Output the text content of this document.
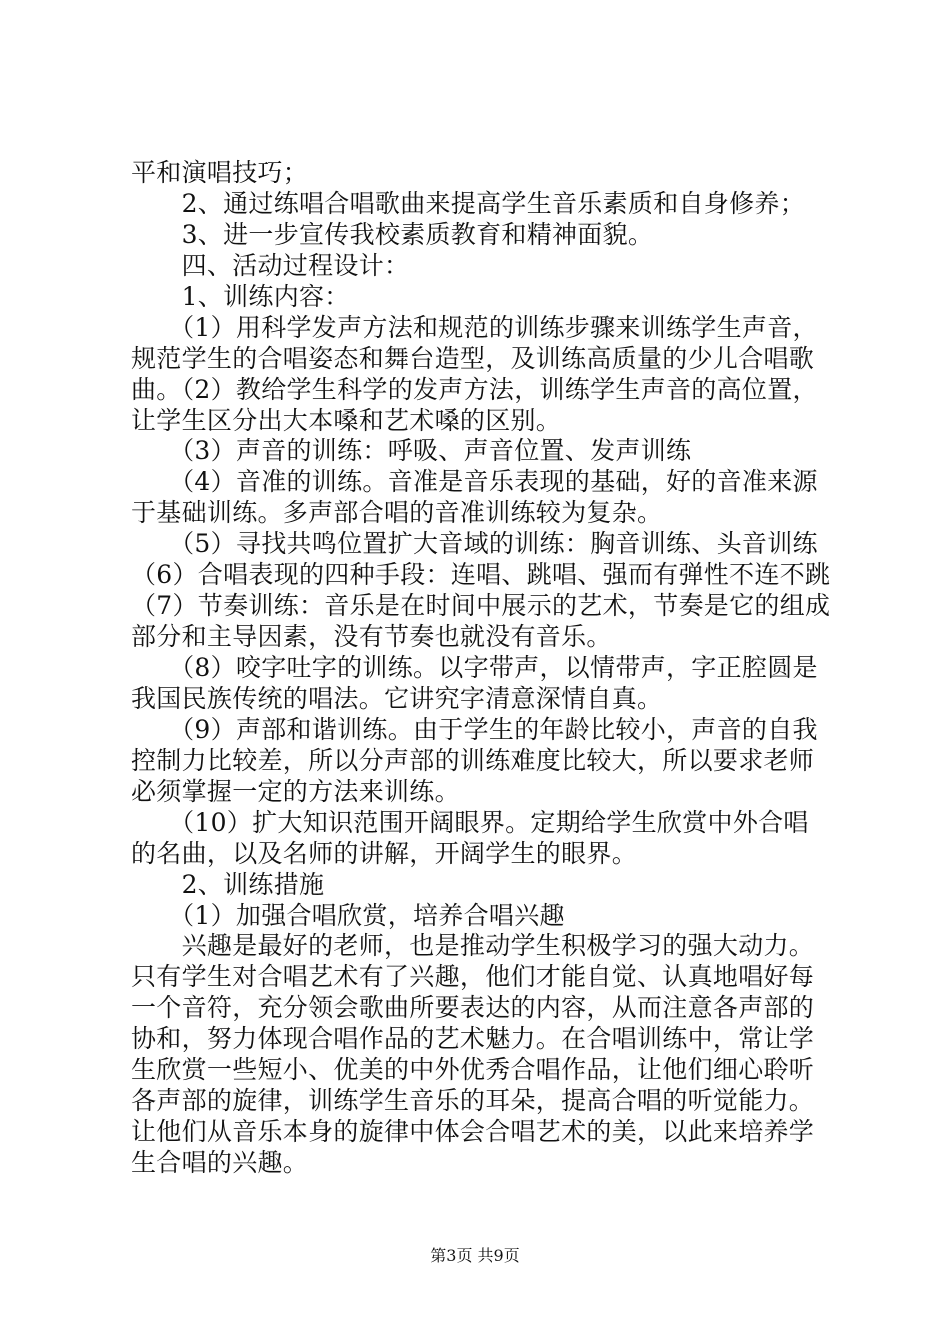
平和演唱技巧；
　　2、通过练唱合唱歌曲来提高学生音乐素质和自身修养；
　　3、进一步宣传我校素质教育和精神面貌。
　　四、活动过程设计：
　　1、训练内容：
　　（1）用科学发声方法和规范的训练步骤来训练学生声音，
规范学生的合唱姿态和舞台造型，及训练高质量的少儿合唱歌
曲。（2）教给学生科学的发声方法，训练学生声音的高位置，
让学生区分出大本嗓和艺术嗓的区别。
　　（3）声音的训练：呼吸、声音位置、发声训练
　　（4）音准的训练。音准是音乐表现的基础，好的音准来源
于基础训练。多声部合唱的音准训练较为复杂。
　　（5）寻找共鸣位置扩大音域的训练：胸音训练、头音训练
（6）合唱表现的四种手段：连唱、跳唱、强而有弹性不连不跳
（7）节奏训练：音乐是在时间中展示的艺术，节奏是它的组成
部分和主导因素，没有节奏也就没有音乐。
　　（8）咬字吐字的训练。以字带声，以情带声，字正腔圆是
我国民族传统的唱法。它讲究字清意深情自真。
　　（9）声部和谐训练。由于学生的年龄比较小，声音的自我
控制力比较差，所以分声部的训练难度比较大，所以要求老师
必须掌握一定的方法来训练。
　　（10）扩大知识范围开阔眼界。定期给学生欣赏中外合唱
的名曲，以及名师的讲解，开阔学生的眼界。
　　2、训练措施
　　（1）加强合唱欣赏，培养合唱兴趣
　　兴趣是最好的老师，也是推动学生积极学习的强大动力。
只有学生对合唱艺术有了兴趣，他们才能自觉、认真地唱好每
一个音符，充分领会歌曲所要表达的内容，从而注意各声部的
协和，努力体现合唱作品的艺术魅力。在合唱训练中，常让学
生欣赏一些短小、优美的中外优秀合唱作品，让他们细心聆听
各声部的旋律，训练学生音乐的耳朵，提高合唱的听觉能力。
让他们从音乐本身的旋律中体会合唱艺术的美，以此来培养学
生合唱的兴趣。
第3页 共9页
